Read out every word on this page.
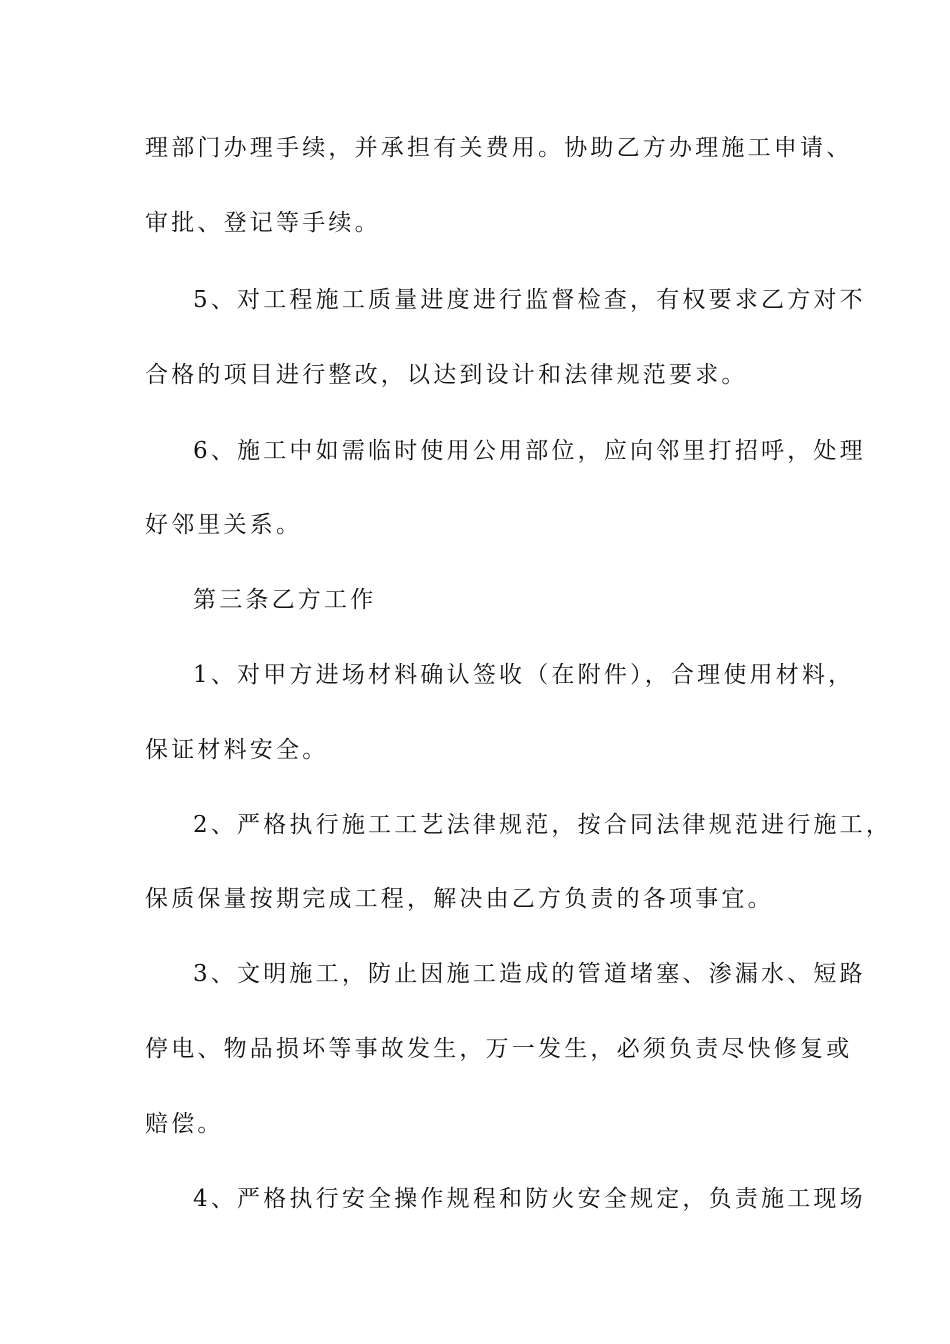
理部门办理手续，并承担有关费用。协助乙方办理施工申请、
审批、登记等手续。
5、对工程施工质量进度进行监督检查，有权要求乙方对不
合格的项目进行整改，以达到设计和法律规范要求。
6、施工中如需临时使用公用部位，应向邻里打招呼，处理
好邻里关系。
第三条乙方工作
1、对甲方进场材料确认签收（在附件），合理使用材料，
保证材料安全。
2、严格执行施工工艺法律规范，按合同法律规范进行施工，
保质保量按期完成工程，解决由乙方负责的各项事宜。
3、文明施工，防止因施工造成的管道堵塞、渗漏水、短路
停电、物品损坏等事故发生，万一发生，必须负责尽快修复或
赔偿。
4、严格执行安全操作规程和防火安全规定，负责施工现场
